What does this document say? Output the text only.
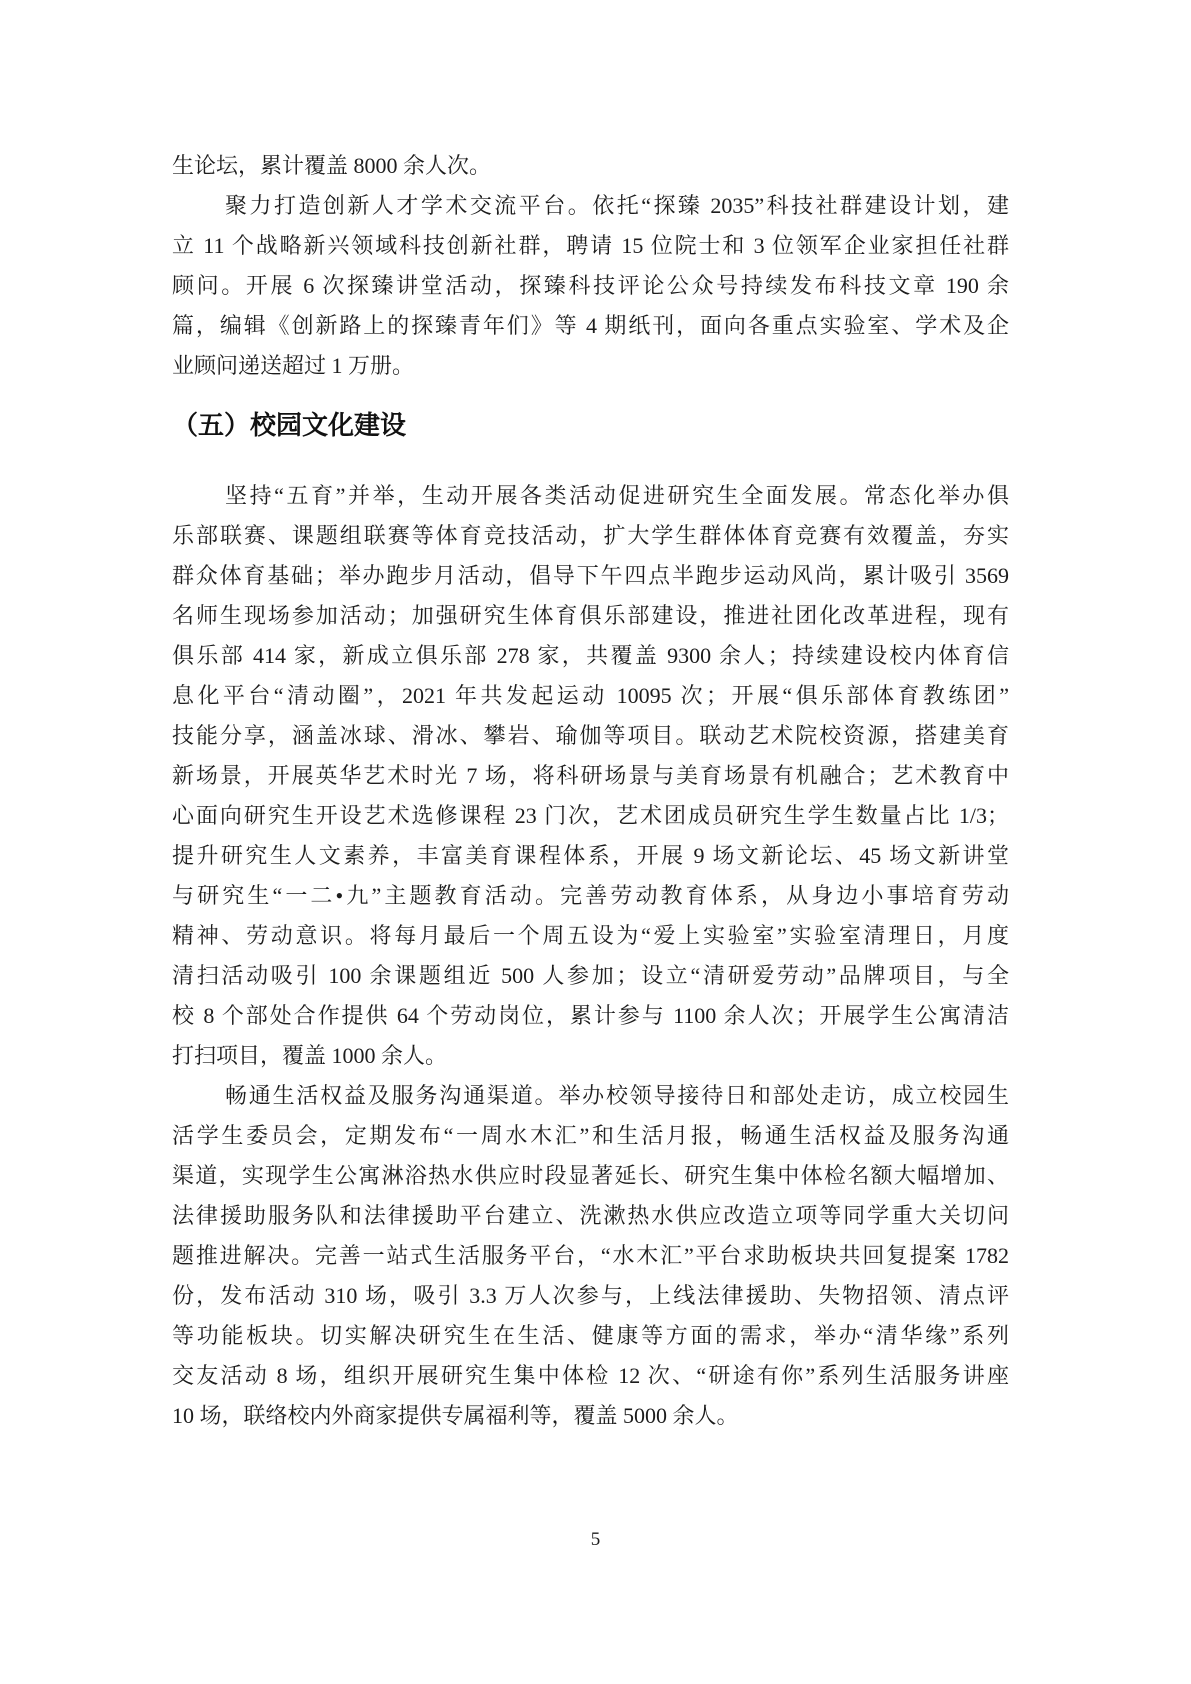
生论坛，累计覆盖 8000 余人次。
聚力打造创新人才学术交流平台。依托“探臻 2035”科技社群建设计划，建
立 11 个战略新兴领域科技创新社群，聘请 15 位院士和 3 位领军企业家担任社群
顾问。开展 6 次探臻讲堂活动，探臻科技评论公众号持续发布科技文章 190 余
篇，编辑《创新路上的探臻青年们》等 4 期纸刊，面向各重点实验室、学术及企
业顾问递送超过 1 万册。
（五）校园文化建设
坚持“五育”并举，生动开展各类活动促进研究生全面发展。常态化举办俱
乐部联赛、课题组联赛等体育竞技活动，扩大学生群体体育竞赛有效覆盖，夯实
群众体育基础；举办跑步月活动，倡导下午四点半跑步运动风尚，累计吸引 3569
名师生现场参加活动；加强研究生体育俱乐部建设，推进社团化改革进程，现有
俱乐部 414 家，新成立俱乐部 278 家，共覆盖 9300 余人；持续建设校内体育信
息化平台“清动圈”，2021 年共发起运动 10095 次；开展“俱乐部体育教练团”
技能分享，涵盖冰球、滑冰、攀岩、瑜伽等项目。联动艺术院校资源，搭建美育
新场景，开展英华艺术时光 7 场，将科研场景与美育场景有机融合；艺术教育中
心面向研究生开设艺术选修课程 23 门次，艺术团成员研究生学生数量占比 1/3；
提升研究生人文素养，丰富美育课程体系，开展 9 场文新论坛、45 场文新讲堂
与研究生“一二•九”主题教育活动。完善劳动教育体系，从身边小事培育劳动
精神、劳动意识。将每月最后一个周五设为“爱上实验室”实验室清理日，月度
清扫活动吸引 100 余课题组近 500 人参加；设立“清研爱劳动”品牌项目，与全
校 8 个部处合作提供 64 个劳动岗位，累计参与 1100 余人次；开展学生公寓清洁
打扫项目，覆盖 1000 余人。
畅通生活权益及服务沟通渠道。举办校领导接待日和部处走访，成立校园生
活学生委员会，定期发布“一周水木汇”和生活月报，畅通生活权益及服务沟通
渠道，实现学生公寓淋浴热水供应时段显著延长、研究生集中体检名额大幅增加、
法律援助服务队和法律援助平台建立、洗漱热水供应改造立项等同学重大关切问
题推进解决。完善一站式生活服务平台，“水木汇”平台求助板块共回复提案 1782
份，发布活动 310 场，吸引 3.3 万人次参与，上线法律援助、失物招领、清点评
等功能板块。切实解决研究生在生活、健康等方面的需求，举办“清华缘”系列
交友活动 8 场，组织开展研究生集中体检 12 次、“研途有你”系列生活服务讲座
10 场，联络校内外商家提供专属福利等，覆盖 5000 余人。
5
